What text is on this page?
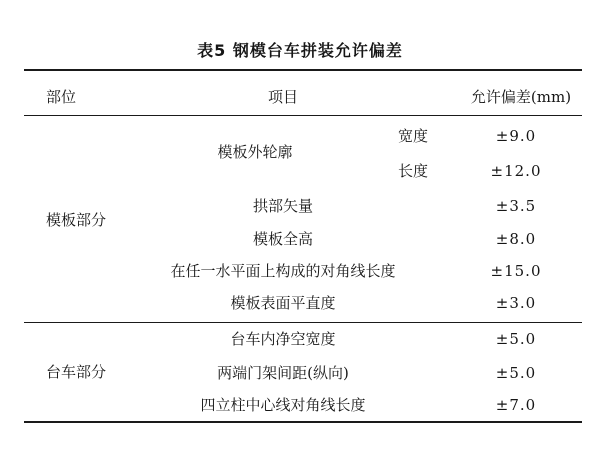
表5 钢模台车拼装允许偏差
部位	项目	允许偏差(mm)
模板部分
模板外轮廓
宽度	±9.0
长度	±12.0
拱部矢量	±3.5
模板全高	±8.0
在任一水平面上构成的对角线长度	±15.0
模板表面平直度	±3.0
台车部分
台车内净空宽度	±5.0
两端门架间距(纵向)	±5.0
四立柱中心线对角线长度	±7.0
